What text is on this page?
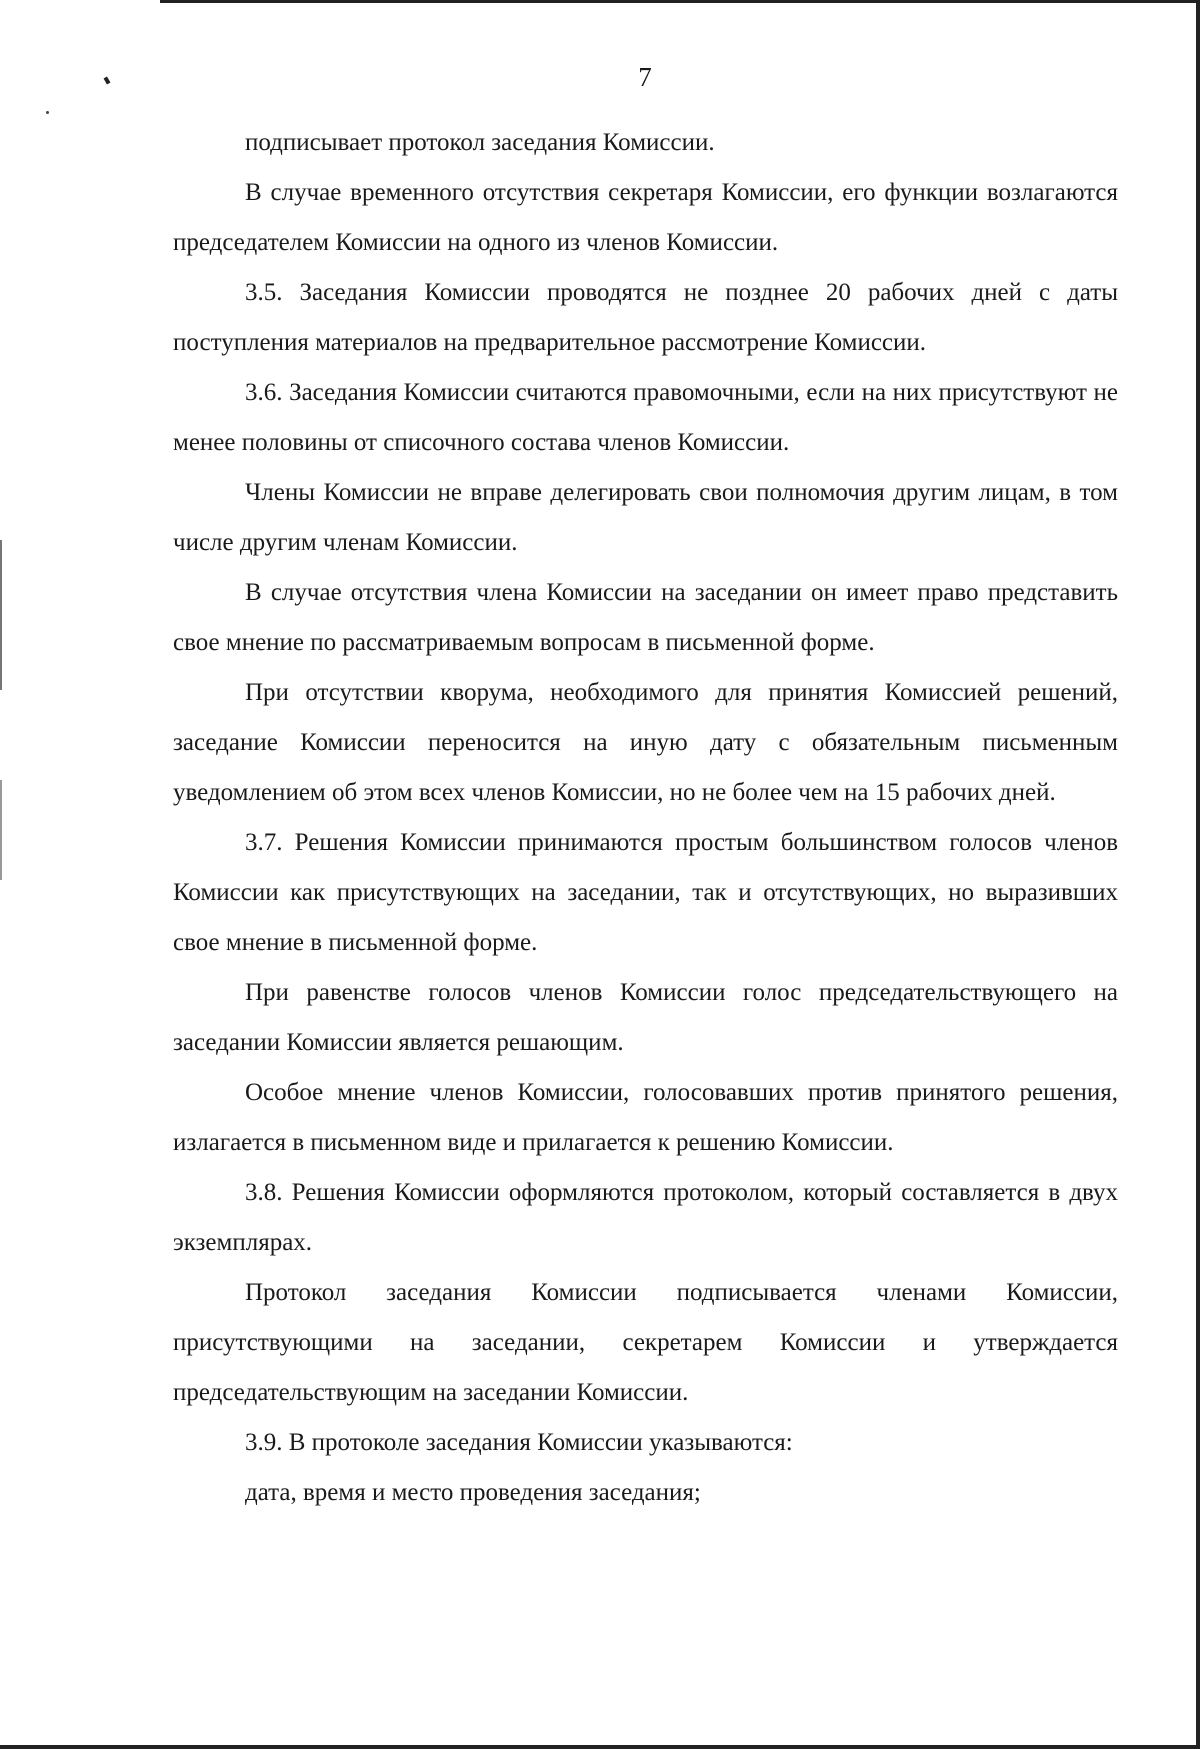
7

подписывает протокол заседания Комиссии.

В случае временного отсутствия секретаря Комиссии, его функции возлагаются председателем Комиссии на одного из членов Комиссии.

3.5. Заседания Комиссии проводятся не позднее 20 рабочих дней с даты поступления материалов на предварительное рассмотрение Комиссии.

3.6. Заседания Комиссии считаются правомочными, если на них присутствуют не менее половины от списочного состава членов Комиссии.

Члены Комиссии не вправе делегировать свои полномочия другим лицам, в том числе другим членам Комиссии.

В случае отсутствия члена Комиссии на заседании он имеет право представить свое мнение по рассматриваемым вопросам в письменной форме.

При отсутствии кворума, необходимого для принятия Комиссией решений, заседание Комиссии переносится на иную дату с обязательным письменным уведомлением об этом всех членов Комиссии, но не более чем на 15 рабочих дней.

3.7. Решения Комиссии принимаются простым большинством голосов членов Комиссии как присутствующих на заседании, так и отсутствующих, но выразивших свое мнение в письменной форме.

При равенстве голосов членов Комиссии голос председательствующего на заседании Комиссии является решающим.

Особое мнение членов Комиссии, голосовавших против принятого решения, излагается в письменном виде и прилагается к решению Комиссии.

3.8. Решения Комиссии оформляются протоколом, который составляется в двух экземплярах.

Протокол заседания Комиссии подписывается членами Комиссии, присутствующими на заседании, секретарем Комиссии и утверждается председательствующим на заседании Комиссии.

3.9. В протоколе заседания Комиссии указываются:

дата, время и место проведения заседания;
